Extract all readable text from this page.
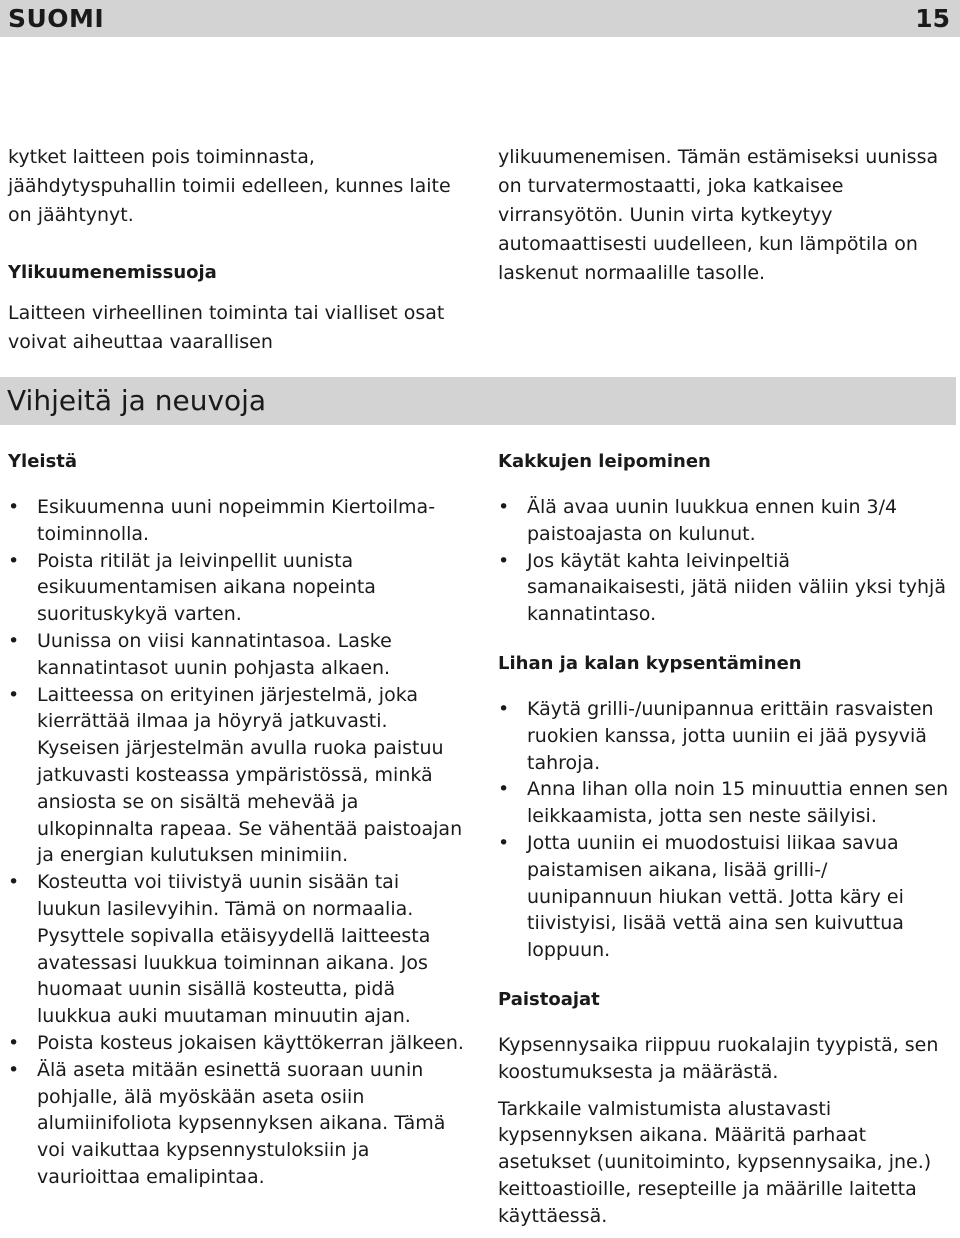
SUOMI	15

kytket laitteen pois toiminnasta, jäähdytyspuhallin toimii edelleen, kunnes laite on jäähtynyt.

Ylikuumenemissuoja

Laitteen virheellinen toiminta tai vialliset osat voivat aiheuttaa vaarallisen

ylikuumenemisen. Tämän estämiseksi uunissa on turvatermostaatti, joka katkaisee virransyötön. Uunin virta kytkeytyy automaattisesti uudelleen, kun lämpötila on laskenut normaalille tasolle.

Vihjeitä ja neuvoja

Yleistä

• Esikuumenna uuni nopeimmin Kiertoilmatoiminnolla.
• Poista ritilät ja leivinpellit uunista esikuumentamisen aikana nopeinta suorituskykyä varten.
• Uunissa on viisi kannatintasoa. Laske kannatintasot uunin pohjasta alkaen.
• Laitteessa on erityinen järjestelmä, joka kierrättää ilmaa ja höyryä jatkuvasti. Kyseisen järjestelmän avulla ruoka paistuu jatkuvasti kosteassa ympäristössä, minkä ansiosta se on sisältä mehevää ja ulkopinnalta rapeaa. Se vähentää paistoajan ja energian kulutuksen minimiin.
• Kosteutta voi tiivistyä uunin sisään tai luukun lasilevyihin. Tämä on normaalia. Pysyttele sopivalla etäisyydellä laitteesta avatessasi luukkua toiminnan aikana. Jos huomaat uunin sisällä kosteutta, pidä luukkua auki muutaman minuutin ajan.
• Poista kosteus jokaisen käyttökerran jälkeen.
• Älä aseta mitään esinettä suoraan uunin pohjalle, älä myöskään aseta osiin alumiinifoliota kypsennyksen aikana. Tämä voi vaikuttaa kypsennystuloksiin ja vaurioittaa emalipintaa.

Kakkujen leipominen

• Älä avaa uunin luukkua ennen kuin 3/4 paistoajasta on kulunut.
• Jos käytät kahta leivinpeltiä samanaikaisesti, jätä niiden väliin yksi tyhjä kannatintaso.

Lihan ja kalan kypsentäminen

• Käytä grilli-/uunipannua erittäin rasvaisten ruokien kanssa, jotta uuniin ei jää pysyviä tahroja.
• Anna lihan olla noin 15 minuuttia ennen sen leikkaamista, jotta sen neste säilyisi.
• Jotta uuniin ei muodostuisi liikaa savua paistamisen aikana, lisää grilli-/ uunipannuun hiukan vettä. Jotta käry ei tiivistyisi, lisää vettä aina sen kuivuttua loppuun.

Paistoajat

Kypsennysaika riippuu ruokalajin tyypistä, sen koostumuksesta ja määrästä.

Tarkkaile valmistumista alustavasti kypsennyksen aikana. Määritä parhaat asetukset (uunitoiminto, kypsennysaika, jne.) keittoastioille, resepteille ja määrille laitetta käyttäessä.
